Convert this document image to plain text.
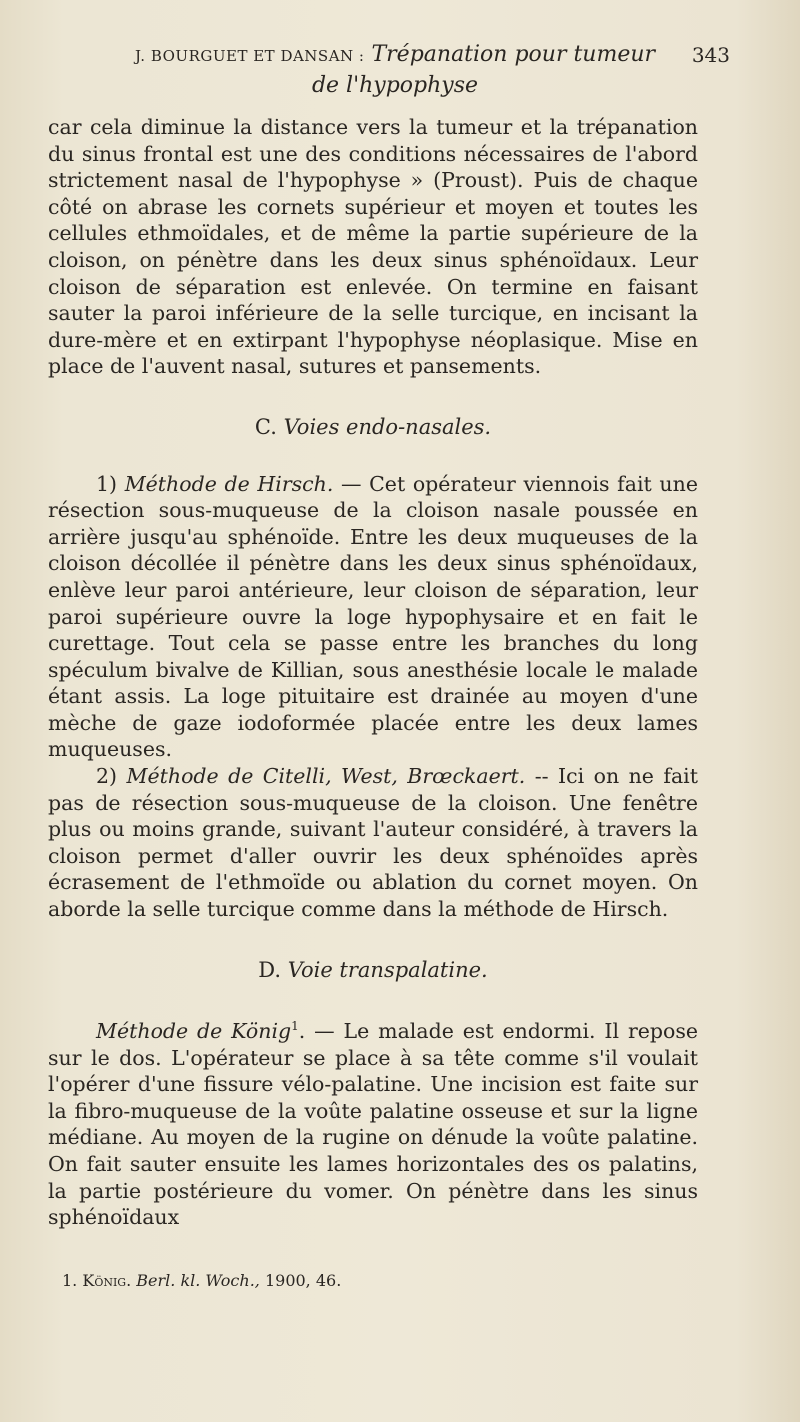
J. BOURGUET ET DANSAN : Trépanation pour tumeur
de l'hypophyse
343

car cela diminue la distance vers la tumeur et la trépanation du sinus frontal est une des conditions nécessaires de l'abord strictement nasal de l'hypophyse » (Proust). Puis de chaque côté on abrase les cornets supérieur et moyen et toutes les cellules ethmoïdales, et de même la partie supérieure de la cloison, on pénètre dans les deux sinus sphénoïdaux. Leur cloison de séparation est enlevée. On termine en faisant sauter la paroi inférieure de la selle turcique, en incisant la dure-mère et en extirpant l'hypophyse néoplasique. Mise en place de l'auvent nasal, sutures et pansements.

C. Voies endo-nasales.

1) Méthode de Hirsch. — Cet opérateur viennois fait une résection sous-muqueuse de la cloison nasale poussée en arrière jusqu'au sphénoïde. Entre les deux muqueuses de la cloison décollée il pénètre dans les deux sinus sphénoïdaux, enlève leur paroi antérieure, leur cloison de séparation, leur paroi supérieure ouvre la loge hypophysaire et en fait le curettage. Tout cela se passe entre les branches du long spéculum bivalve de Killian, sous anesthésie locale le malade étant assis. La loge pituitaire est drainée au moyen d'une mèche de gaze iodoformée placée entre les deux lames muqueuses.

2) Méthode de Citelli, West, Brœckaert. -- Ici on ne fait pas de résection sous-muqueuse de la cloison. Une fenêtre plus ou moins grande, suivant l'auteur considéré, à travers la cloison permet d'aller ouvrir les deux sphénoïdes après écrasement de l'ethmoïde ou ablation du cornet moyen. On aborde la selle turcique comme dans la méthode de Hirsch.

D. Voie transpalatine.

Méthode de König$^1$. — Le malade est endormi. Il repose sur le dos. L'opérateur se place à sa tête comme s'il voulait l'opérer d'une fissure vélo-palatine. Une incision est faite sur la fibro-muqueuse de la voûte palatine osseuse et sur la ligne médiane. Au moyen de la rugine on dénude la voûte palatine. On fait sauter ensuite les lames horizontales des os palatins, la partie postérieure du vomer. On pénètre dans les sinus sphénoïdaux

1. König. Berl. kl. Woch., 1900, 46.
